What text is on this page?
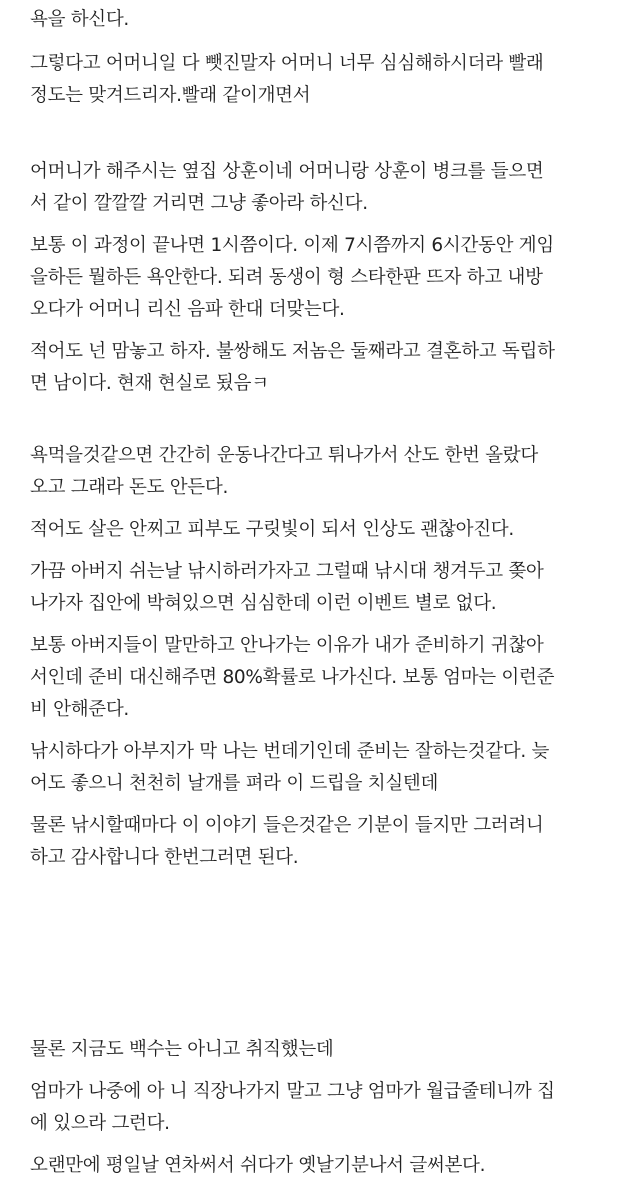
욕을 하신다.
그렇다고 어머니일 다 뺏진말자 어머니 너무 심심해하시더라 빨래
정도는 맞겨드리자.빨래 같이개면서
어머니가 해주시는 옆집 상훈이네 어머니랑 상훈이 병크를 들으면
서 같이 깔깔깔 거리면 그냥 좋아라 하신다.
보통 이 과정이 끝나면 1시쯤이다. 이제 7시쯤까지 6시간동안 게임
을하든 뭘하든 욕안한다. 되려 동생이 형 스타한판 뜨자 하고 내방
오다가 어머니 리신 음파 한대 더맞는다.
적어도 넌 맘놓고 하자. 불쌍해도 저놈은 둘째라고 결혼하고 독립하
면 남이다. 현재 현실로 됬음ㅋ
욕먹을것같으면 간간히 운동나간다고 튀나가서 산도 한번 올랐다
오고 그래라 돈도 안든다.
적어도 살은 안찌고 피부도 구릿빛이 되서 인상도 괜찮아진다.
가끔 아버지 쉬는날 낚시하러가자고 그럴때 낚시대 챙겨두고 쫒아
나가자 집안에 박혀있으면 심심한데 이런 이벤트 별로 없다.
보통 아버지들이 말만하고 안나가는 이유가 내가 준비하기 귀찮아
서인데 준비 대신해주면 80%확률로 나가신다. 보통 엄마는 이런준
비 안해준다.
낚시하다가 아부지가 막 나는 번데기인데 준비는 잘하는것같다. 늦
어도 좋으니 천천히 날개를 펴라 이 드립을 치실텐데
물론 낚시할때마다 이 이야기 들은것같은 기분이 들지만 그러려니
하고 감사합니다 한번그러면 된다.
물론 지금도 백수는 아니고 취직했는데
엄마가 나중에 아 니 직장나가지 말고 그냥 엄마가 월급줄테니까 집
에 있으라 그런다.
오랜만에 평일날 연차써서 쉬다가 옛날기분나서 글써본다.
